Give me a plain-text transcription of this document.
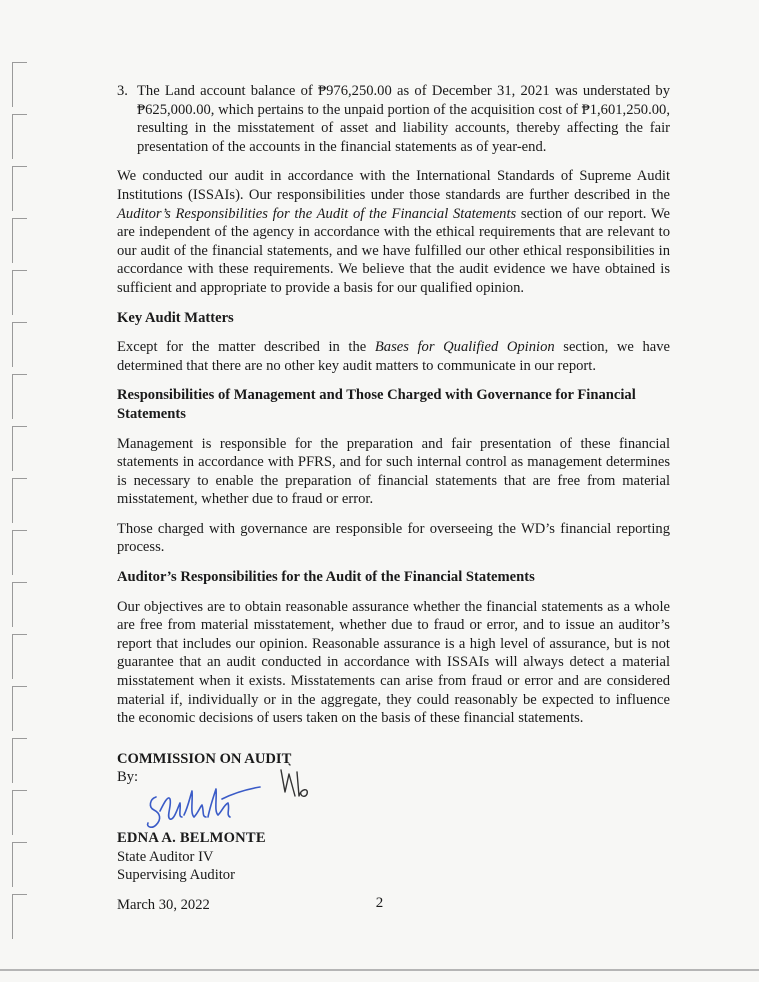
3. The Land account balance of ₱976,250.00 as of December 31, 2021 was understated by ₱625,000.00, which pertains to the unpaid portion of the acquisition cost of ₱1,601,250.00, resulting in the misstatement of asset and liability accounts, thereby affecting the fair presentation of the accounts in the financial statements as of year-end.

We conducted our audit in accordance with the International Standards of Supreme Audit Institutions (ISSAIs). Our responsibilities under those standards are further described in the Auditor’s Responsibilities for the Audit of the Financial Statements section of our report. We are independent of the agency in accordance with the ethical requirements that are relevant to our audit of the financial statements, and we have fulfilled our other ethical responsibilities in accordance with these requirements. We believe that the audit evidence we have obtained is sufficient and appropriate to provide a basis for our qualified opinion.

Key Audit Matters

Except for the matter described in the Bases for Qualified Opinion section, we have determined that there are no other key audit matters to communicate in our report.

Responsibilities of Management and Those Charged with Governance for Financial Statements

Management is responsible for the preparation and fair presentation of these financial statements in accordance with PFRS, and for such internal control as management determines is necessary to enable the preparation of financial statements that are free from material misstatement, whether due to fraud or error.

Those charged with governance are responsible for overseeing the WD’s financial reporting process.

Auditor’s Responsibilities for the Audit of the Financial Statements

Our objectives are to obtain reasonable assurance whether the financial statements as a whole are free from material misstatement, whether due to fraud or error, and to issue an auditor’s report that includes our opinion. Reasonable assurance is a high level of assurance, but is not guarantee that an audit conducted in accordance with ISSAIs will always detect a material misstatement when it exists. Misstatements can arise from fraud or error and are considered material if, individually or in the aggregate, they could reasonably be expected to influence the economic decisions of users taken on the basis of these financial statements.

COMMISSION ON AUDIT

By:

EDNA A. BELMONTE

State Auditor IV

Supervising Auditor

March 30, 2022	2
